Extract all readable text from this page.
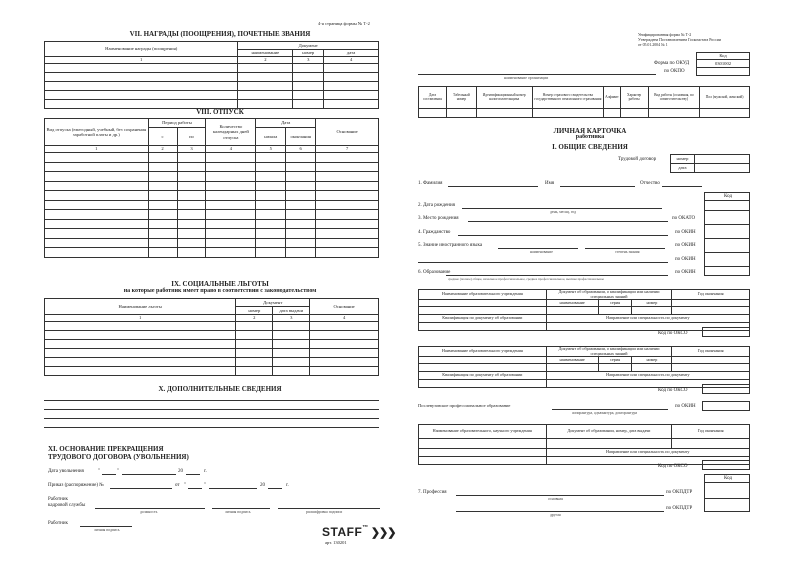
4-я страница формы № Т-2
VII. НАГРАДЫ (ПООЩРЕНИЯ), ПОЧЕТНЫЕ ЗВАНИЯ
Наименование награды (поощрения)	Документ		
	наименование	номер	дата
1	2	3	4

VIII. ОТПУСК
Вид отпуска (ежегодный, учебный, без сохранения заработной платы и др.)	Период работы		Количество календарных дней отпуска	Дата		Основание
	с	по		начала	окончания	
1	2	3	4	5	6	7

IX. СОЦИАЛЬНЫЕ ЛЬГОТЫ
на которые работник имеет право в соответствии с законодательством
Наименование льготы	Документ		Основание
	номер	дата выдачи	
1	2	3	4

X. ДОПОЛНИТЕЛЬНЫЕ СВЕДЕНИЯ
XI. ОСНОВАНИЕ ПРЕКРАЩЕНИЯ
ТРУДОВОГО ДОГОВОРА (УВОЛЬНЕНИЯ)
Дата увольнения	"	"	20	г.
Приказ (распоряжение) №	от "	"	20	г.
Работник
кадровой службы
должность	личная подпись	расшифровка подписи
Работник
личная подпись	STAFF™ ❯❯❯
арт. 130201
Унифицированная форма № Т-2
Утверждена Постановлением Госкомстата России
от 05.01.2004 № 1
Код
0301002

Форма по ОКУД
по ОКПО
наименование организации
Дата составления	Табельный номер	Идентификационный номер налогоплательщика	Номер страхового свидетельства государственного пенсионного страхования	Алфавит	Характер работы	Вид работы (основная, по совместительству)	Пол (мужской, женский)

ЛИЧНАЯ КАРТОЧКА
работника
I. ОБЩИЕ СВЕДЕНИЯ
Трудовой договор	номер	
дата	
1. Фамилия	Имя	Отчество
Код
2. Дата рождения
день, месяц, год
3. Место рождения	по ОКАТО
4. Гражданство	по ОКИН
5. Знание иностранного языка
наименование	степень знания
по ОКИН
по ОКИН
6. Образование
среднее (полное) общее, начальное профессиональное, среднее профессиональное, высшее профессиональное
по ОКИН
Наименование образовательного учреждения	Документ об образовании, о квалификации или наличии специальных знаний			Год окончания
	наименование	серия	номер	

Квалификация по документу об образовании	Направление или специальность по документу			

Код по ОКСО
Наименование образовательного учреждения	Документ об образовании, о квалификации или наличии специальных знаний			Год окончания
	наименование	серия	номер	

Квалификация по документу об образовании	Направление или специальность по документу			

Код по ОКСО
Послевузовское профессиональное образование
аспирантура, адъюнктура, докторантура
по ОКИН
Наименование образовательного, научного учреждения	Документ об образовании, номер, дата выдачи	Год окончания

	Направление или специальность по документу	

Код по ОКСО
Код
7. Профессия	по ОКПДТР
основная
по ОКПДТР
другая
